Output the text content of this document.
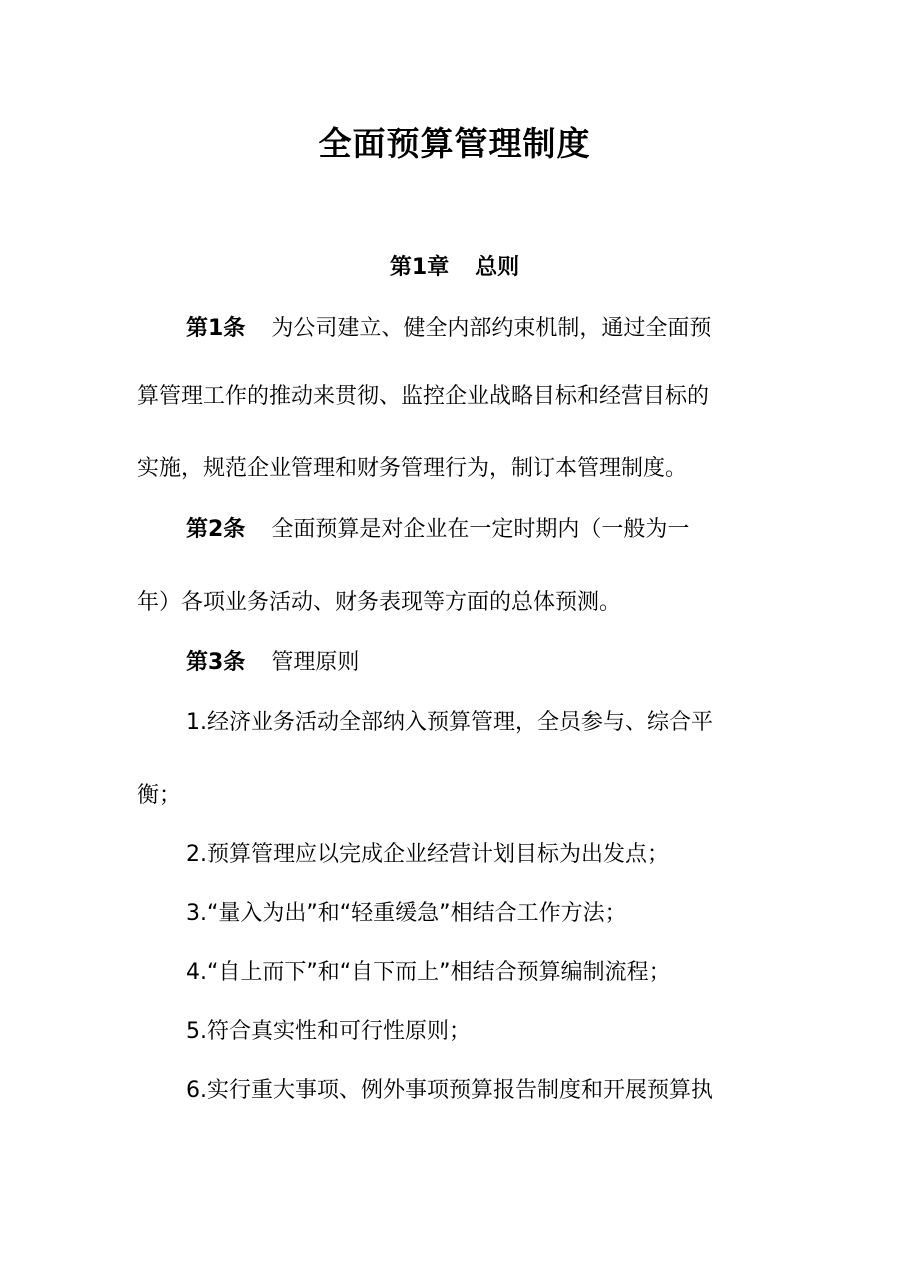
全面预算管理制度
第1章 总则

第1条 为公司建立、健全内部约束机制，通过全面预

算管理工作的推动来贯彻、监控企业战略目标和经营目标的

实施，规范企业管理和财务管理行为，制订本管理制度。

第2条 全面预算是对企业在一定时期内（一般为一

年）各项业务活动、财务表现等方面的总体预测。

第3条 管理原则

1.经济业务活动全部纳入预算管理，全员参与、综合平

衡；

2.预算管理应以完成企业经营计划目标为出发点；

3.“量入为出”和“轻重缓急”相结合工作方法；

4.“自上而下”和“自下而上”相结合预算编制流程；

5.符合真实性和可行性原则；

6.实行重大事项、例外事项预算报告制度和开展预算执
